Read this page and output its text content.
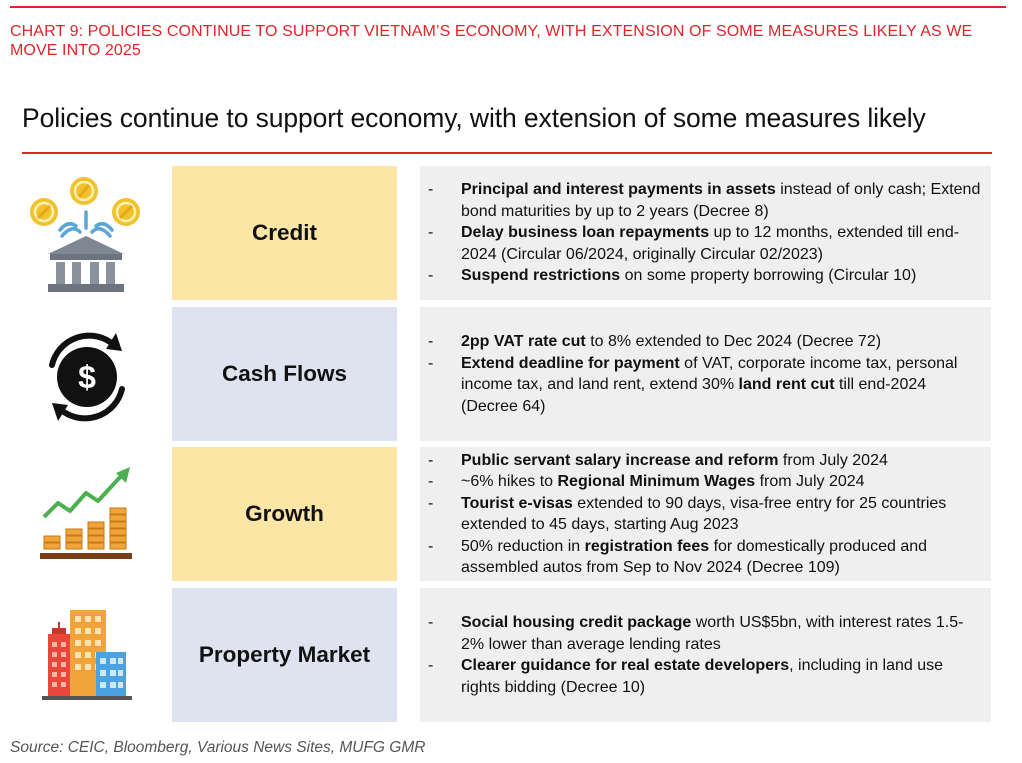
CHART 9: POLICIES CONTINUE TO SUPPORT VIETNAM’S ECONOMY, WITH EXTENSION OF SOME MEASURES LIKELY AS WE MOVE INTO 2025
Policies continue to support economy, with extension of some measures likely
Credit
- Principal and interest payments in assets instead of only cash; Extend bond maturities by up to 2 years (Decree 8)
- Delay business loan repayments up to 12 months, extended till end-2024 (Circular 06/2024, originally Circular 02/2023)
- Suspend restrictions on some property borrowing (Circular 10)
$	Cash Flows
- 2pp VAT rate cut to 8% extended to Dec 2024 (Decree 72)
- Extend deadline for payment of VAT, corporate income tax, personal income tax, and land rent, extend 30% land rent cut till end-2024 (Decree 64)
Growth
- Public servant salary increase and reform from July 2024
- ~6% hikes to Regional Minimum Wages from July 2024
- Tourist e-visas extended to 90 days, visa-free entry for 25 countries extended to 45 days, starting Aug 2023
- 50% reduction in registration fees for domestically produced and assembled autos from Sep to Nov 2024 (Decree 109)
Property Market
- Social housing credit package worth US$5bn, with interest rates 1.5-2% lower than average lending rates
- Clearer guidance for real estate developers, including in land use rights bidding (Decree 10)
Source: CEIC, Bloomberg, Various News Sites, MUFG GMR
